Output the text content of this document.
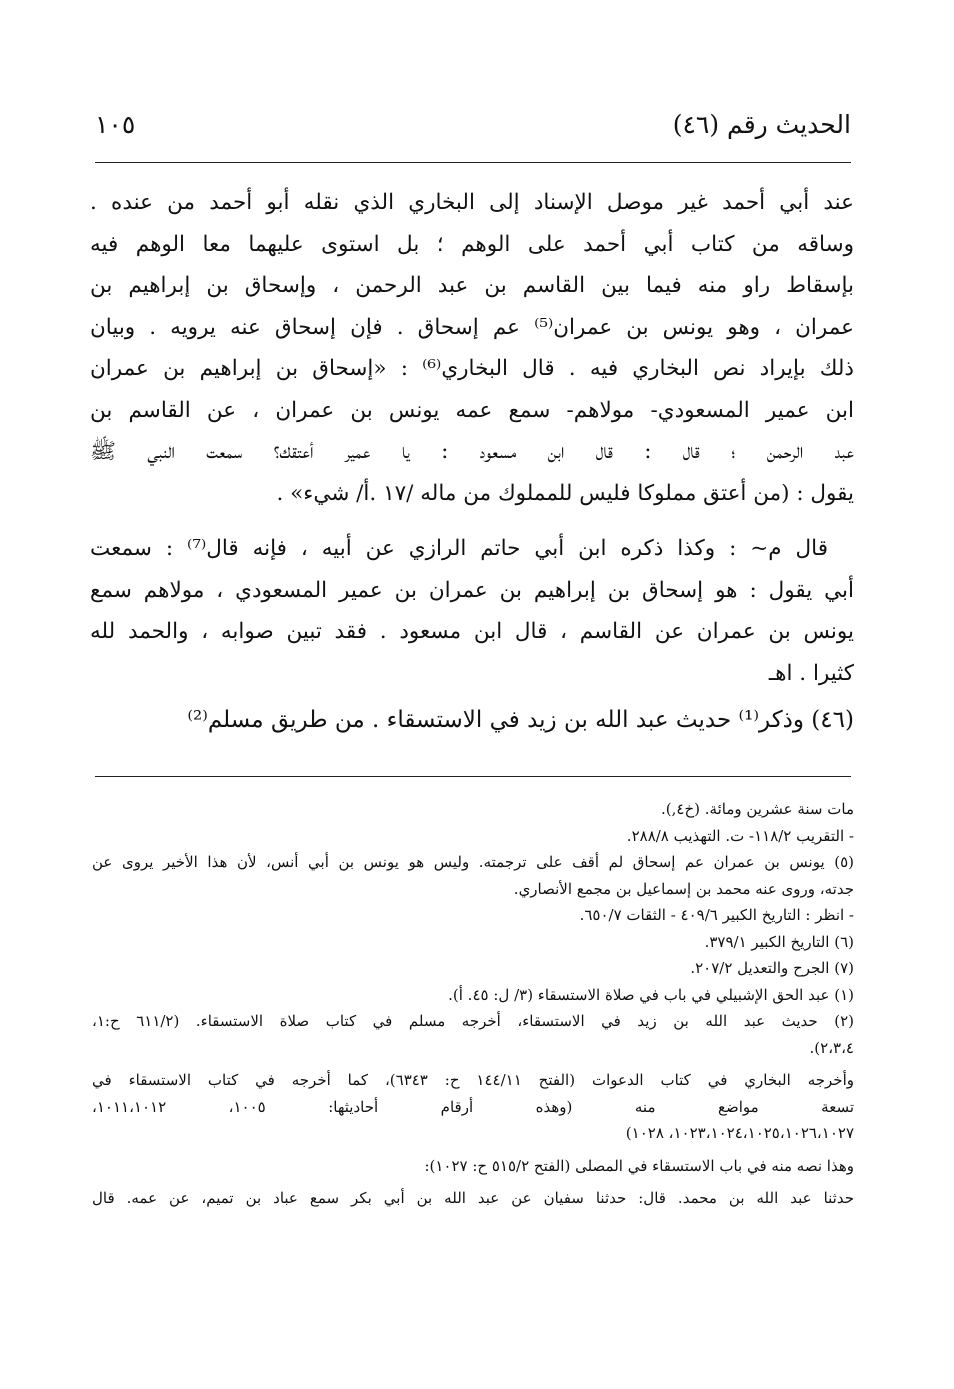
الحديث رقم (٤٦)
١٠٥
عند أبي أحمد غير موصل الإسناد إلى البخاري الذي نقله أبو أحمد من عنده .
وساقه من كتاب أبي أحمد على الوهم ؛ بل استوى عليهما معا الوهم فيه
بإسقاط راو منه فيما بين القاسم بن عبد الرحمن ، وإسحاق بن إبراهيم بن
عمران ، وهو يونس بن عمران⁽⁵⁾ عم إسحاق . فإن إسحاق عنه يرويه . وبيان
ذلك بإيراد نص البخاري فيه . قال البخاري⁽⁶⁾ : «إسحاق بن إبراهيم بن عمران
ابن عمير المسعودي- مولاهم- سمع عمه يونس بن عمران ، عن القاسم بن
عبد الرحمن ؛ قال : قال ابن مسعود : يا عمير أعتقك؟ سمعت النبي ﷺ
يقول : (من أعتق مملوكا فليس للمملوك من ماله /١٧ .أ/ شيء» .
قال م~ : وكذا ذكره ابن أبي حاتم الرازي عن أبيه ، فإنه قال⁽⁷⁾ : سمعت
أبي يقول : هو إسحاق بن إبراهيم بن عمران بن عمير المسعودي ، مولاهم سمع
يونس بن عمران عن القاسم ، قال ابن مسعود . فقد تبين صوابه ، والحمد لله
كثيرا . اهـ
(٤٦) وذكر⁽¹⁾ حديث عبد الله بن زيد في الاستسقاء . من طريق مسلم⁽²⁾
مات سنة عشرين ومائة. (خ٤,).
- التقريب ١١٨/٢- ت. التهذيب ٢٨٨/٨.
(٥) يونس بن عمران عم إسحاق لم أقف على ترجمته. وليس هو يونس بن أبي أنس، لأن هذا الأخير يروى عن
جدته، وروى عنه محمد بن إسماعيل بن مجمع الأنصاري.
- انظر : التاريخ الكبير ٤٠٩/٦ - الثقات ٦٥٠/٧.
(٦) التاريخ الكبير ٣٧٩/١.
(٧) الجرح والتعديل ٢٠٧/٢.
(١) عبد الحق الإشبيلي في باب في صلاة الاستسقاء (٣/ ل: ٤٥. أ).
(٢) حديث عبد الله بن زيد في الاستسقاء، أخرجه مسلم في كتاب صلاة الاستسقاء. (٦١١/٢ ح:١،
٢،٣،٤).
وأخرجه البخاري في كتاب الدعوات (الفتح ١٤٤/١١ ح: ٦٣٤٣)، كما أخرجه في كتاب الاستسقاء في
تسعة مواضع منه (وهذه أرقام أحاديثها: ١٠٠٥، ١٠١١،١٠١٢،
١٠٢٣،١٠٢٤،١٠٢٥،١٠٢٦،١٠٢٧، ١٠٢٨)
وهذا نصه منه في باب الاستسقاء في المصلى (الفتح ٥١٥/٢ ح: ١٠٢٧):
حدثنا عبد الله بن محمد. قال: حدثنا سفيان عن عبد الله بن أبي بكر سمع عباد بن تميم، عن عمه. قال
